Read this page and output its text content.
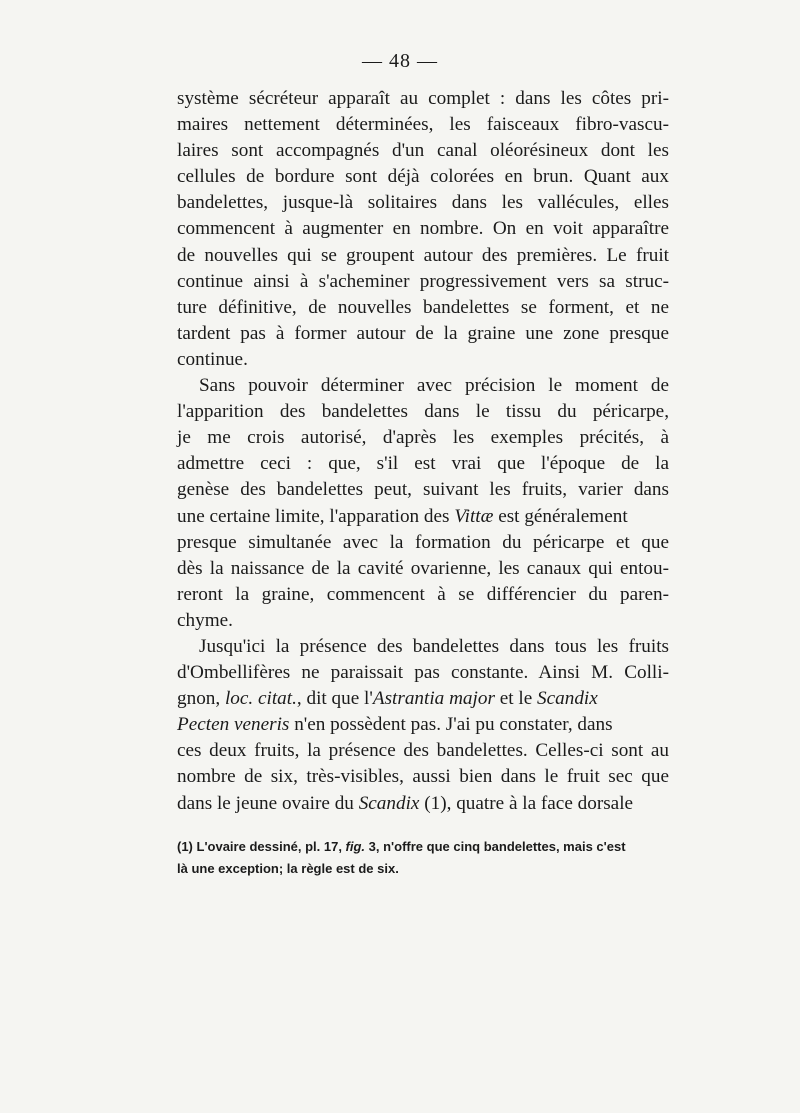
— 48 —
système sécréteur apparaît au complet : dans les côtes pri-
maires nettement déterminées, les faisceaux fibro-vascu-
laires sont accompagnés d'un canal oléorésineux dont les
cellules de bordure sont déjà colorées en brun. Quant aux
bandelettes, jusque-là solitaires dans les vallécules, elles
commencent à augmenter en nombre. On en voit apparaître
de nouvelles qui se groupent autour des premières. Le fruit
continue ainsi à s'acheminer progressivement vers sa struc-
ture définitive, de nouvelles bandelettes se forment, et ne
tardent pas à former autour de la graine une zone presque
continue.
Sans pouvoir déterminer avec précision le moment de
l'apparition des bandelettes dans le tissu du péricarpe,
je me crois autorisé, d'après les exemples précités, à
admettre ceci : que, s'il est vrai que l'époque de la
genèse des bandelettes peut, suivant les fruits, varier dans
une certaine limite, l'apparation des Vittæ est généralement
presque simultanée avec la formation du péricarpe et que
dès la naissance de la cavité ovarienne, les canaux qui entou-
reront la graine, commencent à se différencier du paren-
chyme.
Jusqu'ici la présence des bandelettes dans tous les fruits
d'Ombellifères ne paraissait pas constante. Ainsi M. Colli-
gnon, loc. citat., dit que l'Astrantia major et le Scandix
Pecten veneris n'en possèdent pas. J'ai pu constater, dans
ces deux fruits, la présence des bandelettes. Celles-ci sont au
nombre de six, très-visibles, aussi bien dans le fruit sec que
dans le jeune ovaire du Scandix (1), quatre à la face dorsale
(1) L'ovaire dessiné, pl. 17, fig. 3, n'offre que cinq bandelettes, mais c'est
là une exception; la règle est de six.
